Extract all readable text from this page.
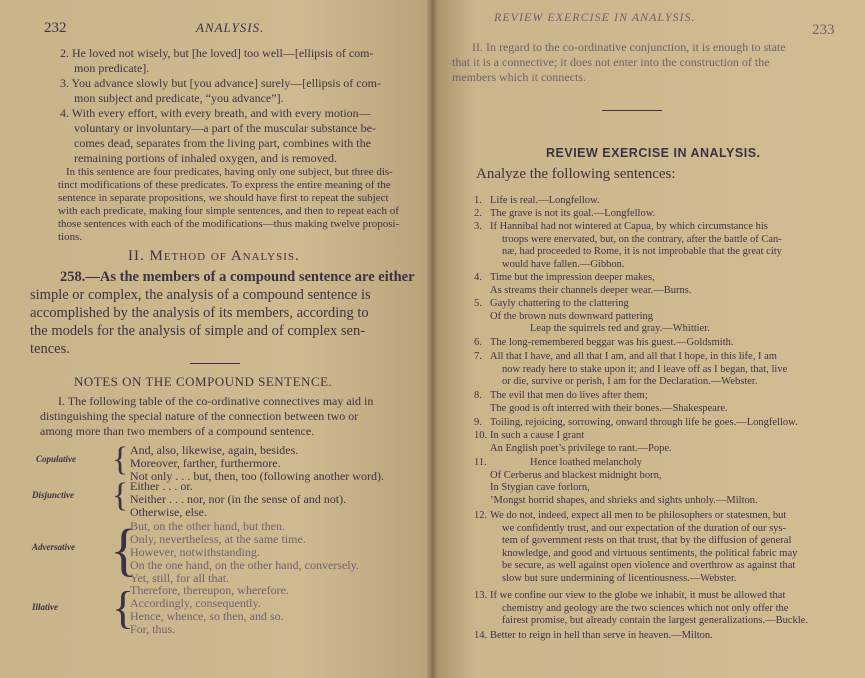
232	ANALYSIS.
2. He loved not wisely, but [he loved] too well—[ellipsis of com-
mon predicate].
3. You advance slowly but [you advance] surely—[ellipsis of com-
mon subject and predicate, “you advance”].
4. With every effort, with every breath, and with every motion—
voluntary or involuntary—a part of the muscular substance be-
comes dead, separates from the living part, combines with the
remaining portions of inhaled oxygen, and is removed.
In this sentence are four predicates, having only one subject, but three dis-
tinct modifications of these predicates. To express the entire meaning of the
sentence in separate propositions, we should have first to repeat the subject
with each predicate, making four simple sentences, and then to repeat each of
those sentences with each of the modifications—thus making twelve proposi-
tions.
II. Method of Analysis.
258.—As the members of a compound sentence are either
simple or complex, the analysis of a compound sentence is
accomplished by the analysis of its members, according to
the models for the analysis of simple and of complex sen-
tences.
NOTES ON THE COMPOUND SENTENCE.
I. The following table of the co-ordinative connectives may aid in
distinguishing the special nature of the connection between two or
among more than two members of a compound sentence.
Copulative { And, also, likewise, again, besides.
Moreover, farther, furthermore.
Not only . . . but, then, too (following another word).
Disjunctive { Either . . . or.
Neither . . . nor, nor (in the sense of and not).
Otherwise, else.
Adversative {
But, on the other hand, but then.
Only, nevertheless, at the same time.
However, notwithstanding.
On the one hand, on the other hand, conversely.
Yet, still, for all that.
Illative {
Therefore, thereupon, wherefore.
Accordingly, consequently.
Hence, whence, so then, and so.
For, thus.
REVIEW EXERCISE IN ANALYSIS.
233
II. In regard to the co-ordinative conjunction, it is enough to state
that it is a connective; it does not enter into the construction of the
members which it connects.
REVIEW EXERCISE IN ANALYSIS.
Analyze the following sentences:
1. Life is real.—Longfellow.
2. The grave is not its goal.—Longfellow.
3. If Hannibal had not wintered at Capua, by which circumstance his
troops were enervated, but, on the contrary, after the battle of Can-
næ, had proceeded to Rome, it is not improbable that the great city
would have fallen.—Gibbon.
4. Time but the impression deeper makes,
As streams their channels deeper wear.—Burns.
5. Gayly chattering to the clattering
Of the brown nuts downward pattering
Leap the squirrels red and gray.—Whittier.
6. The long-remembered beggar was his guest.—Goldsmith.
7. All that I have, and all that I am, and all that I hope, in this life, I am
now ready here to stake upon it; and I leave off as I began, that, live
or die, survive or perish, I am for the Declaration.—Webster.
8. The evil that men do lives after them;
The good is oft interred with their bones.—Shakespeare.
9. Toiling, rejoicing, sorrowing, onward through life he goes.—Longfellow.
10. In such a cause I grant
An English poet’s privilege to rant.—Pope.
11.	Hence loathed melancholy
Of Cerberus and blackest midnight born,
In Stygian cave forlorn,
’Mongst horrid shapes, and shrieks and sights unholy.—Milton.
12. We do not, indeed, expect all men to be philosophers or statesmen, but
we confidently trust, and our expectation of the duration of our sys-
tem of government rests on that trust, that by the diffusion of general
knowledge, and good and virtuous sentiments, the political fabric may
be secure, as well against open violence and overthrow as against that
slow but sure undermining of licentiousness.—Webster.
13. If we confine our view to the globe we inhabit, it must be allowed that
chemistry and geology are the two sciences which not only offer the
fairest promise, but already contain the largest generalizations.—Buckle.
14. Better to reign in hell than serve in heaven.—Milton.
